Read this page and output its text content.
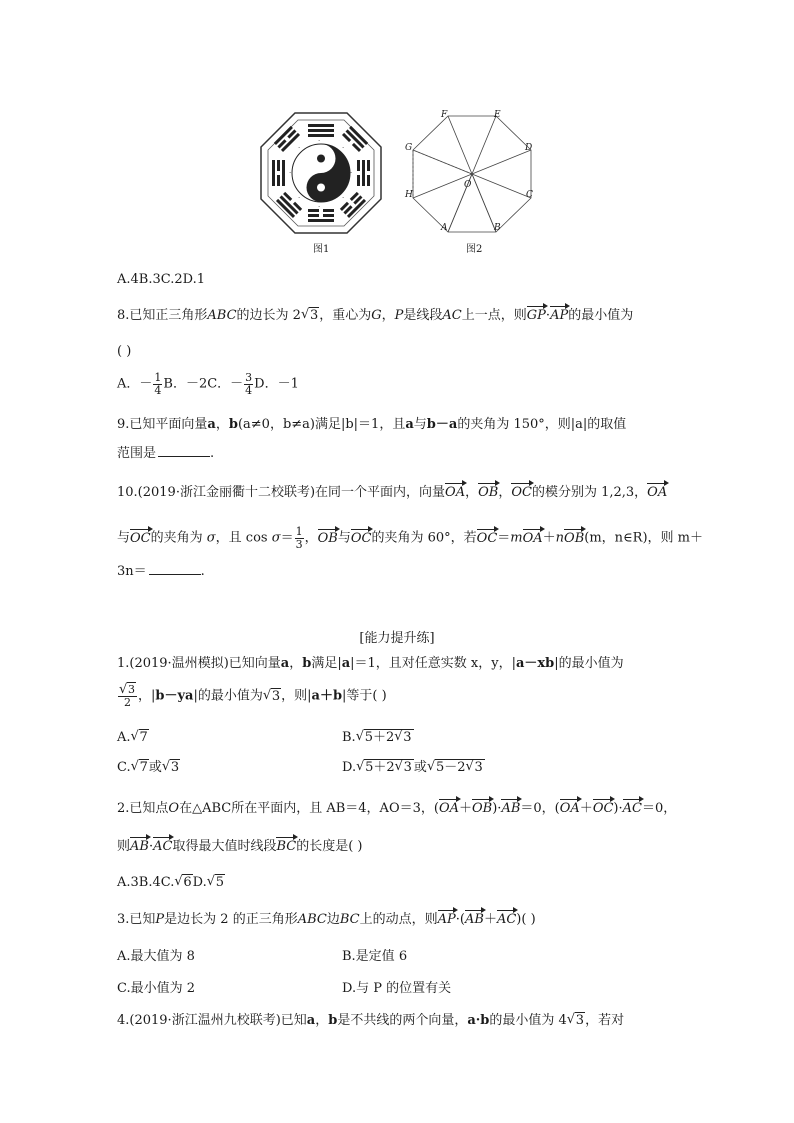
·	·
·	·
·
·
·	·
图1
F	E
D
C
B
A
H
G
O
图2
A.4B.3C.2D.1
8.已知正三角形ABC的边长为 2 √ 3，重心为G，P是线段AC上一点，则GP·AP的最小值为
( )
A．－ $\frac{1}{4}$ B．－2C．－ $\frac{3}{4}$ D．－1
9.已知平面向量a，b(a≠0，b≠a)满足|b|＝1，且a与b－a的夹角为 150°，则|a|的取值
范围是	.
10.(2019·浙江金丽衢十二校联考)在同一个平面内，向量OA，OB，OC的模分别为 1,2,3，OA
与OC的夹角为 σ，且 $\cos \sigma= \frac{1}{3}$ ，OB与OC的夹角为 60°，若OC＝mOA＋nOB(m，n∈R)，则 m＋
3n＝	.
[能力提升练]
1.(2019·温州模拟)已知向量a，b满足|a|＝1，且对任意实数 x，y，|a－xb|的最小值为
√ $\frac{3}{2}$ ，|b－ya|的最小值为 √ 3，则|a＋b|等于( )
A. √ 7	B. √ 5＋2 √ 3
C. √ 7或 √ 3	D. √ 5＋2 √ 3 或 √ 5－2 √ 3
2.已知点O在△ABC所在平面内，且 AB＝4，AO＝3，(OA＋OB)·AB＝0，(OA＋OC)·AC＝0，
则AB·AC取得最大值时线段BC的长度是( )
A.3B.4C. √ 6D. √ 5
3.已知P是边长为 2 的正三角形ABC边BC上的动点，则AP·(AB＋AC)( )
A.最大值为 8	B.是定值 6
C.最小值为 2	D.与 P 的位置有关
4.(2019·浙江温州九校联考)已知a，b是不共线的两个向量，a·b的最小值为 4 √ 3，若对
